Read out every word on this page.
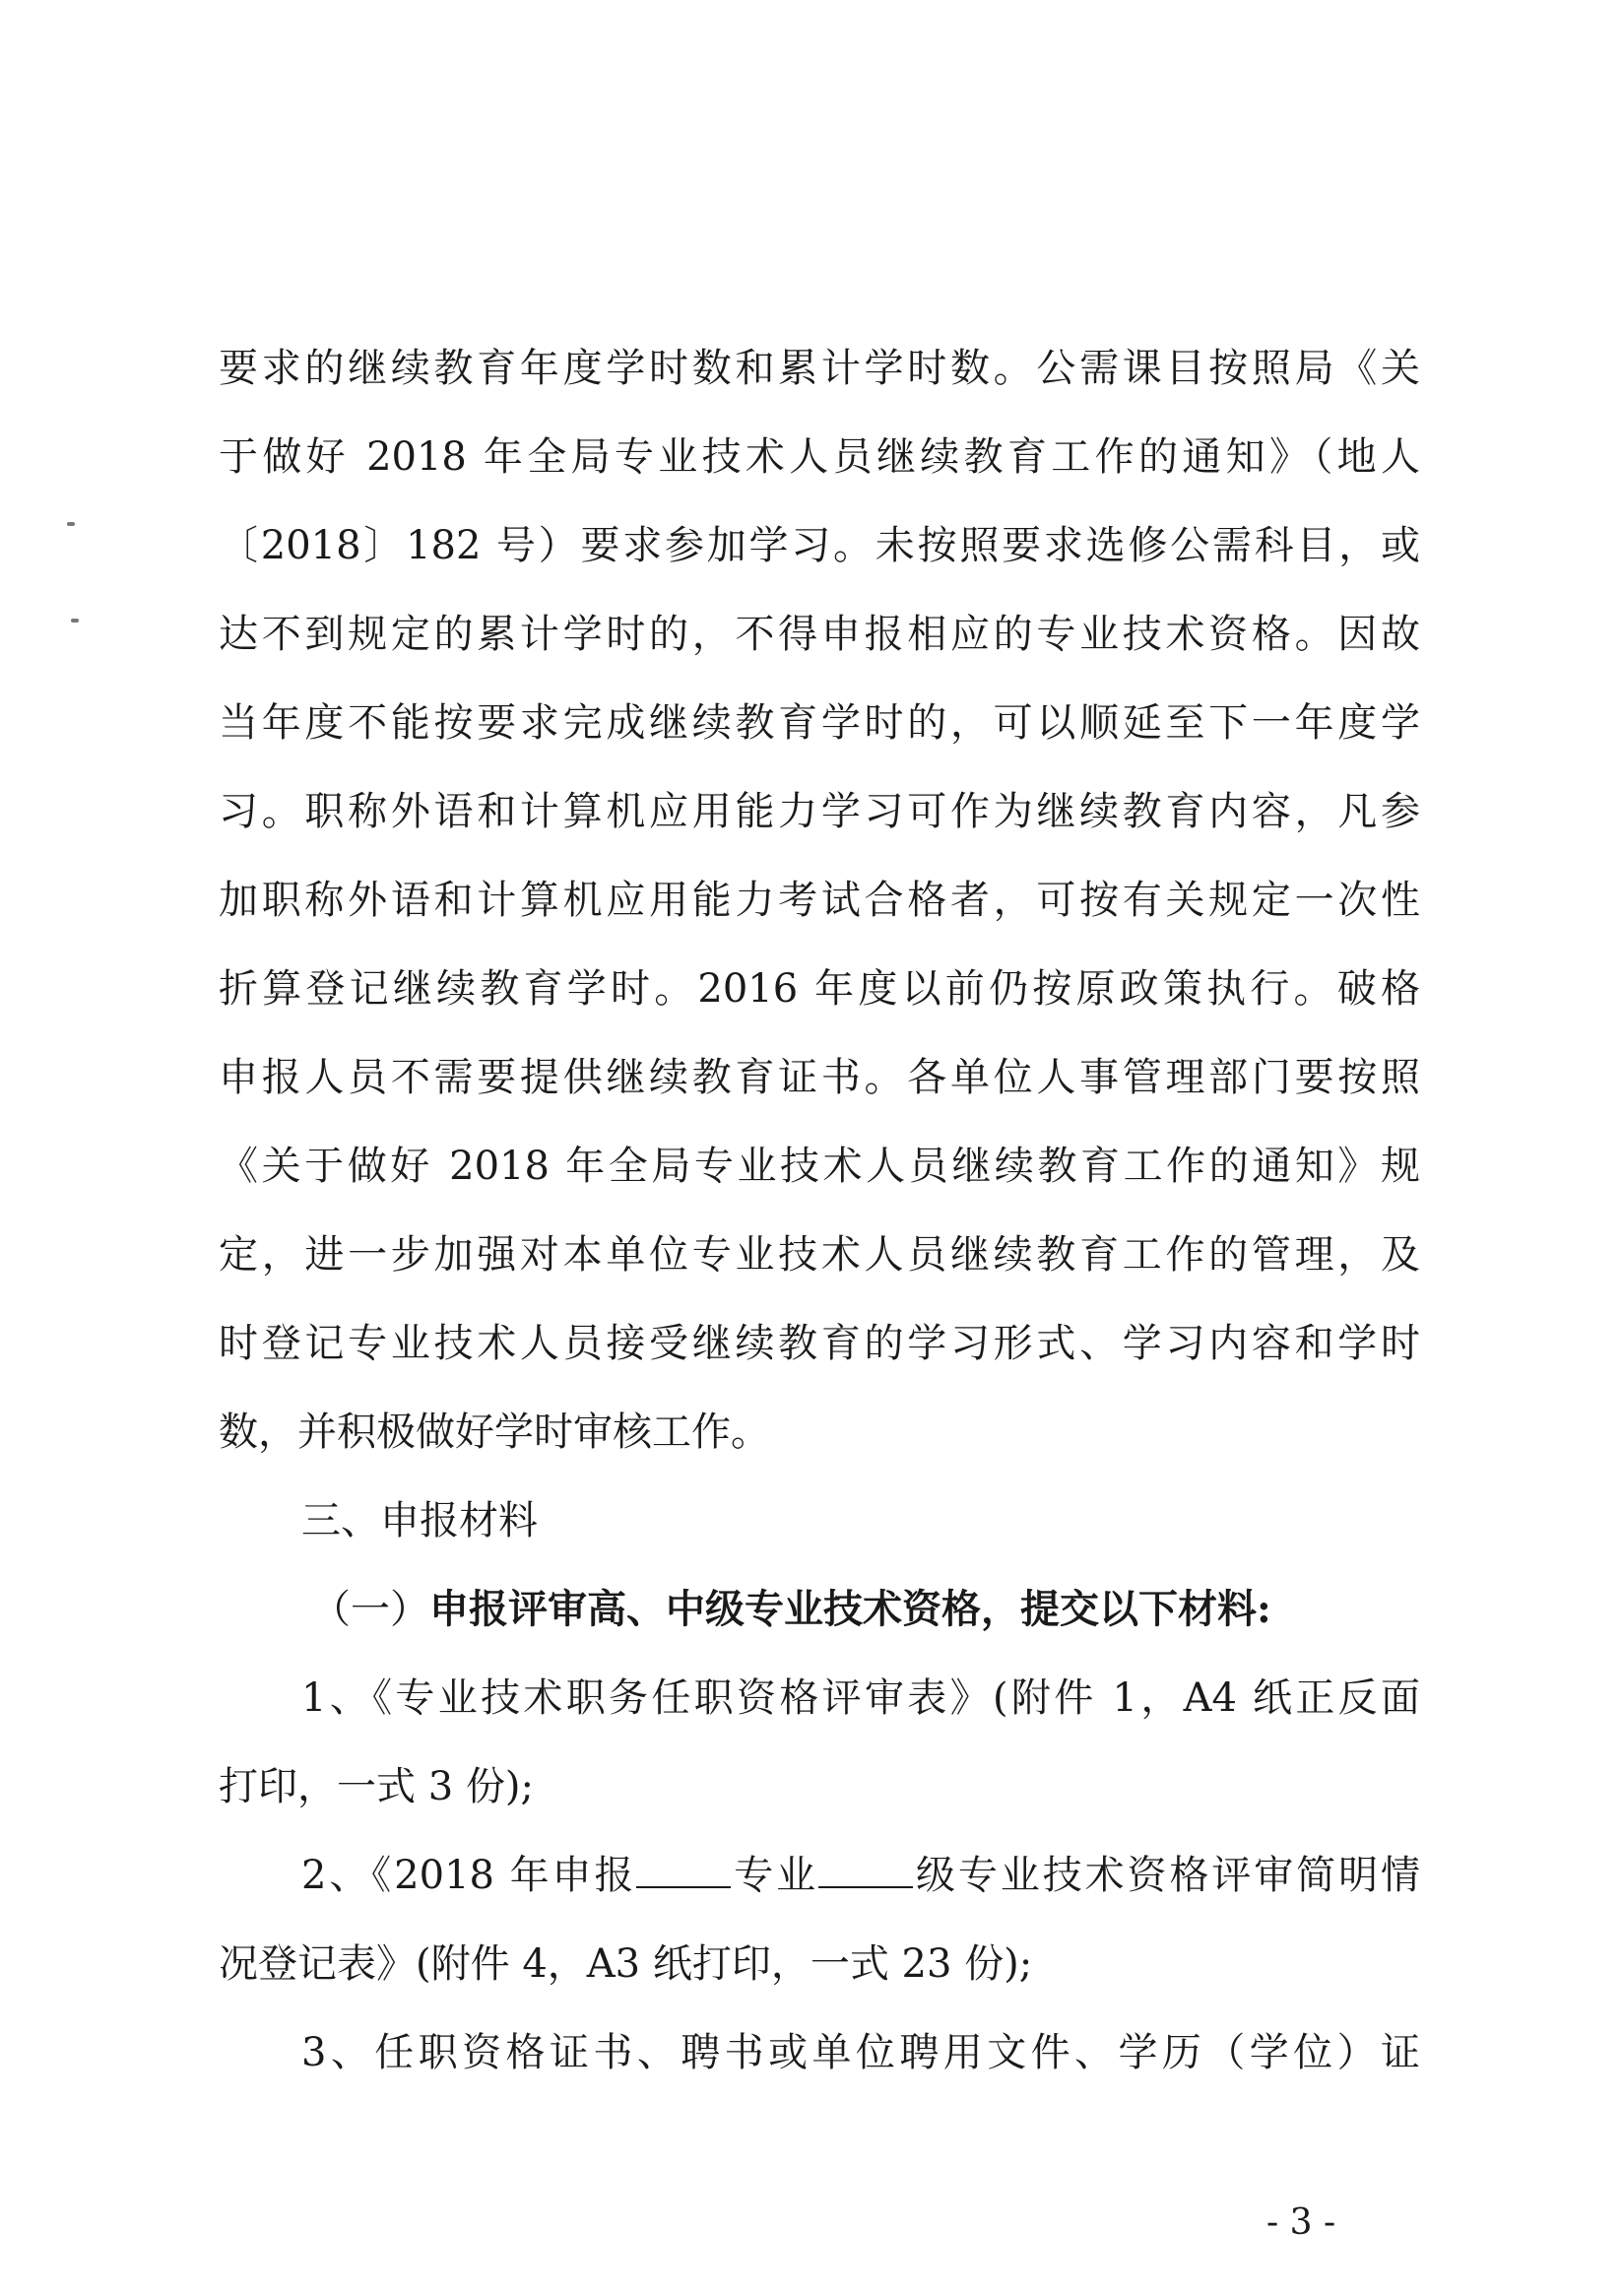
要求的继续教育年度学时数和累计学时数。公需课目按照局《关
于做好 2018 年全局专业技术人员继续教育工作的通知》（地人
〔2018〕182 号）要求参加学习。未按照要求选修公需科目，或
达不到规定的累计学时的，不得申报相应的专业技术资格。因故
当年度不能按要求完成继续教育学时的，可以顺延至下一年度学
习。职称外语和计算机应用能力学习可作为继续教育内容，凡参
加职称外语和计算机应用能力考试合格者，可按有关规定一次性
折算登记继续教育学时。2016 年度以前仍按原政策执行。破格
申报人员不需要提供继续教育证书。各单位人事管理部门要按照
《关于做好 2018 年全局专业技术人员继续教育工作的通知》规
定，进一步加强对本单位专业技术人员继续教育工作的管理，及
时登记专业技术人员接受继续教育的学习形式、学习内容和学时
数，并积极做好学时审核工作。
三、申报材料
（一）申报评审高、中级专业技术资格，提交以下材料:
1、《专业技术职务任职资格评审表》(附件 1，A4 纸正反面
打印，一式 3 份);
2、《2018 年申报 专业 级专业技术资格评审简明情
况登记表》(附件 4，A3 纸打印，一式 23 份);
3、任职资格证书、聘书或单位聘用文件、学历（学位）证
- 3 -
